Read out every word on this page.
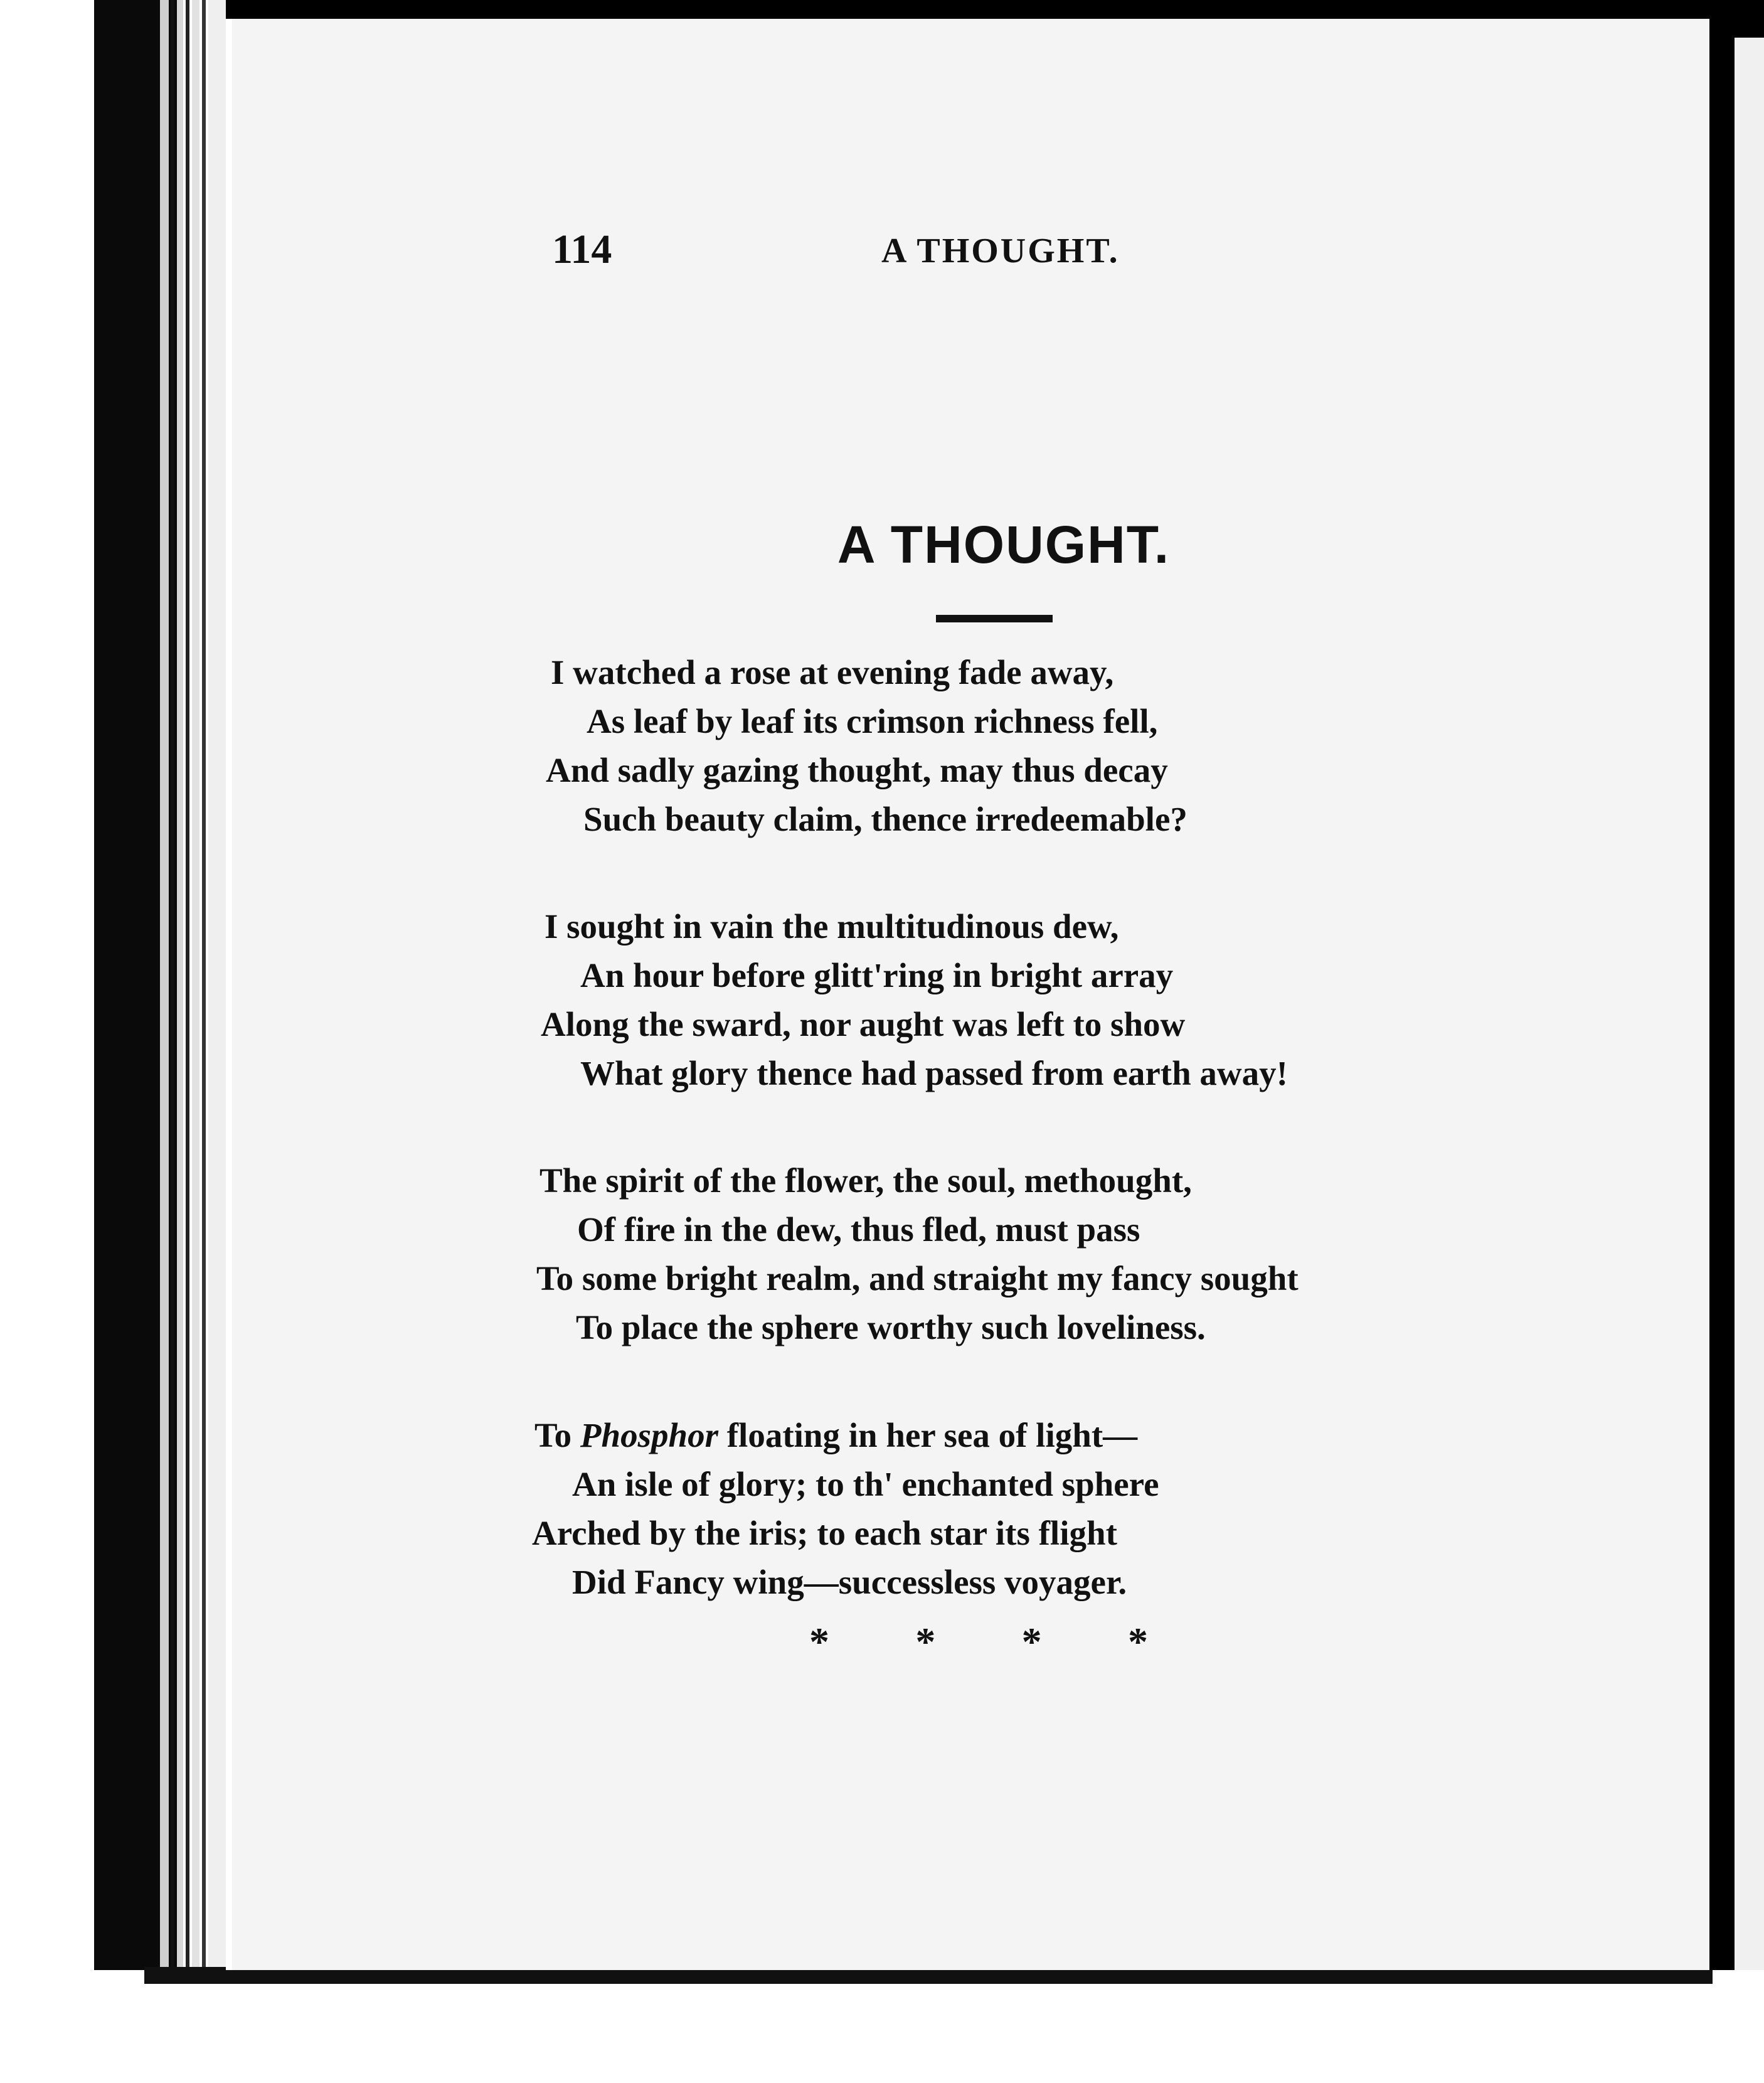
114	A THOUGHT.
A THOUGHT.
I watched a rose at evening fade away,
As leaf by leaf its crimson richness fell,
And sadly gazing thought, may thus decay
Such beauty claim, thence irredeemable?
I sought in vain the multitudinous dew,
An hour before glitt'ring in bright array
Along the sward, nor aught was left to show
What glory thence had passed from earth away!
The spirit of the flower, the soul, methought,
Of fire in the dew, thus fled, must pass
To some bright realm, and straight my fancy sought
To place the sphere worthy such loveliness.
To Phosphor floating in her sea of light—
An isle of glory; to th' enchanted sphere
Arched by the iris; to each star its flight
Did Fancy wing—successless voyager.
* * * *
